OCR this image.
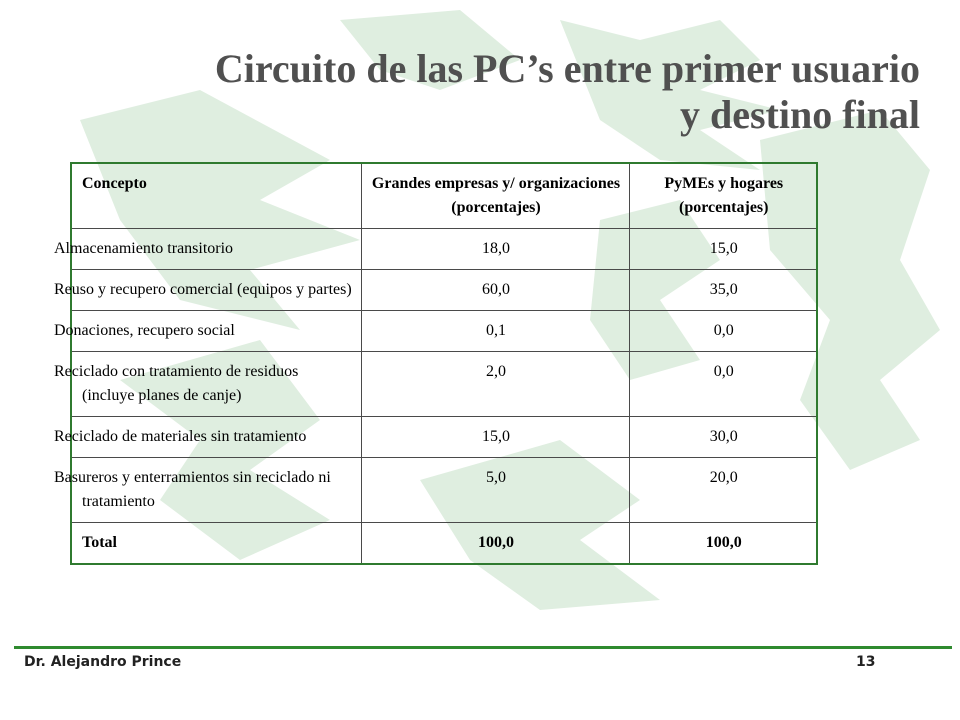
Circuito de las PC’s entre primer usuario
y destino final
Concepto	Grandes empresas y/ organizaciones (porcentajes)	PyMEs y hogares (porcentajes)
Almacenamiento transitorio	18,0	15,0
Reuso y recupero comercial (equipos y partes)	60,0	35,0
Donaciones, recupero social	0,1	0,0
Reciclado con tratamiento de residuos (incluye planes de canje)	2,0	0,0
Reciclado de materiales sin tratamiento	15,0	30,0
Basureros y enterramientos sin reciclado ni tratamiento	5,0	20,0
Total	100,0	100,0
Dr. Alejandro Prince	13
